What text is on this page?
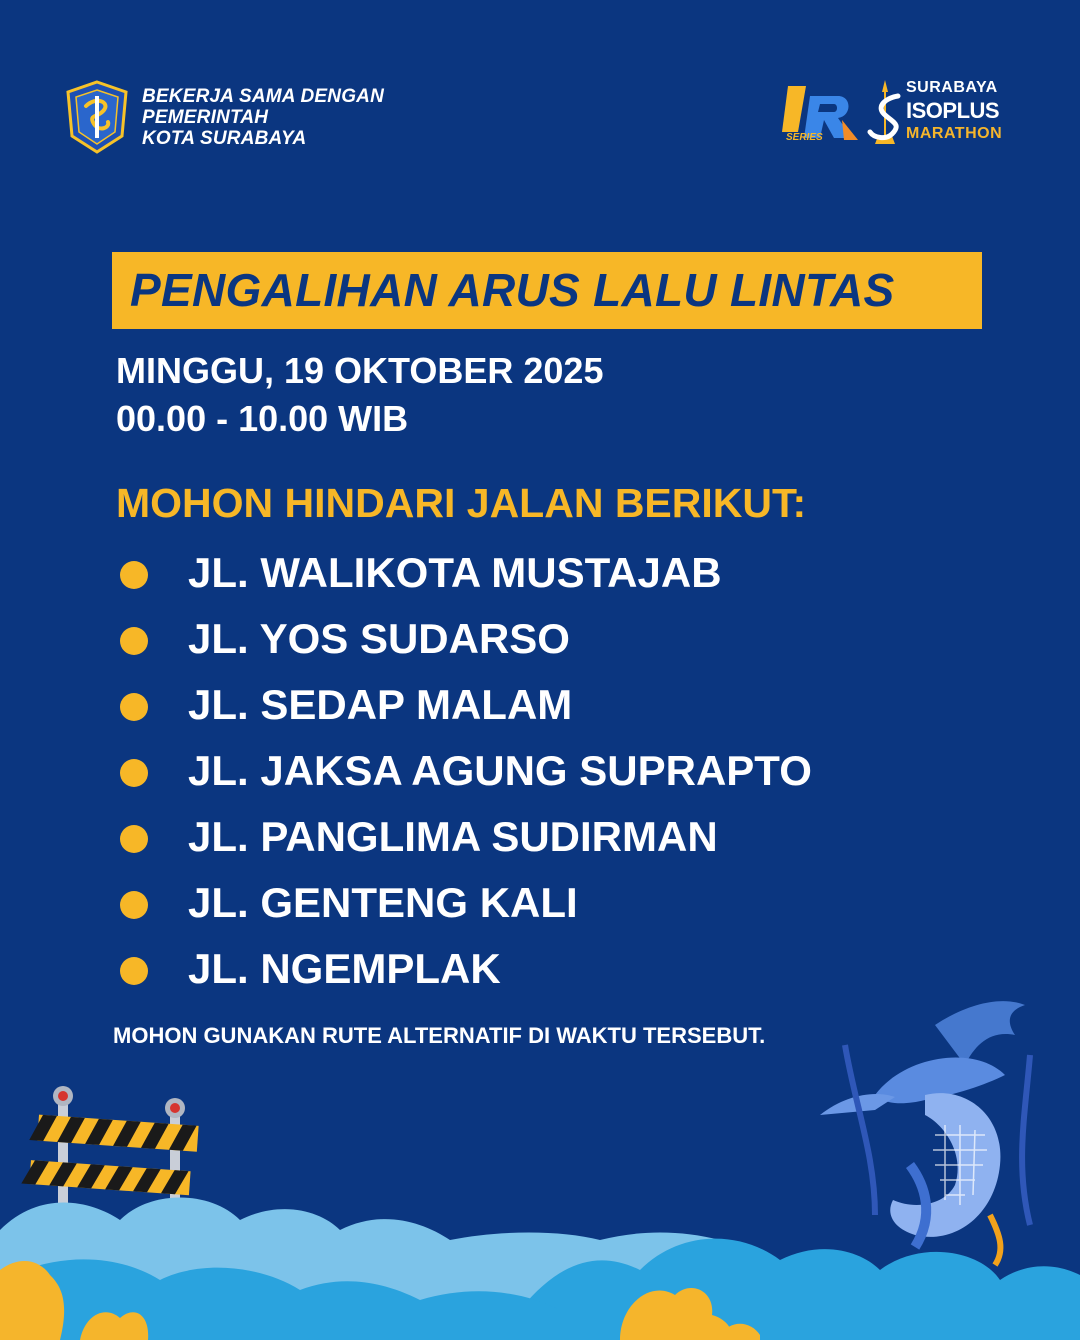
BEKERJA SAMA DENGAN
PEMERINTAH
KOTA SURABAYA	SERIES
SURABAYA
ISOPLUS
MARATHON
PENGALIHAN ARUS LALU LINTAS
MINGGU, 19 OKTOBER 2025
00.00 - 10.00 WIB
MOHON HINDARI JALAN BERIKUT:
JL. WALIKOTA MUSTAJAB
JL. YOS SUDARSO
JL. SEDAP MALAM
JL. JAKSA AGUNG SUPRAPTO
JL. PANGLIMA SUDIRMAN
JL. GENTENG KALI
JL. NGEMPLAK
MOHON GUNAKAN RUTE ALTERNATIF DI WAKTU TERSEBUT.
